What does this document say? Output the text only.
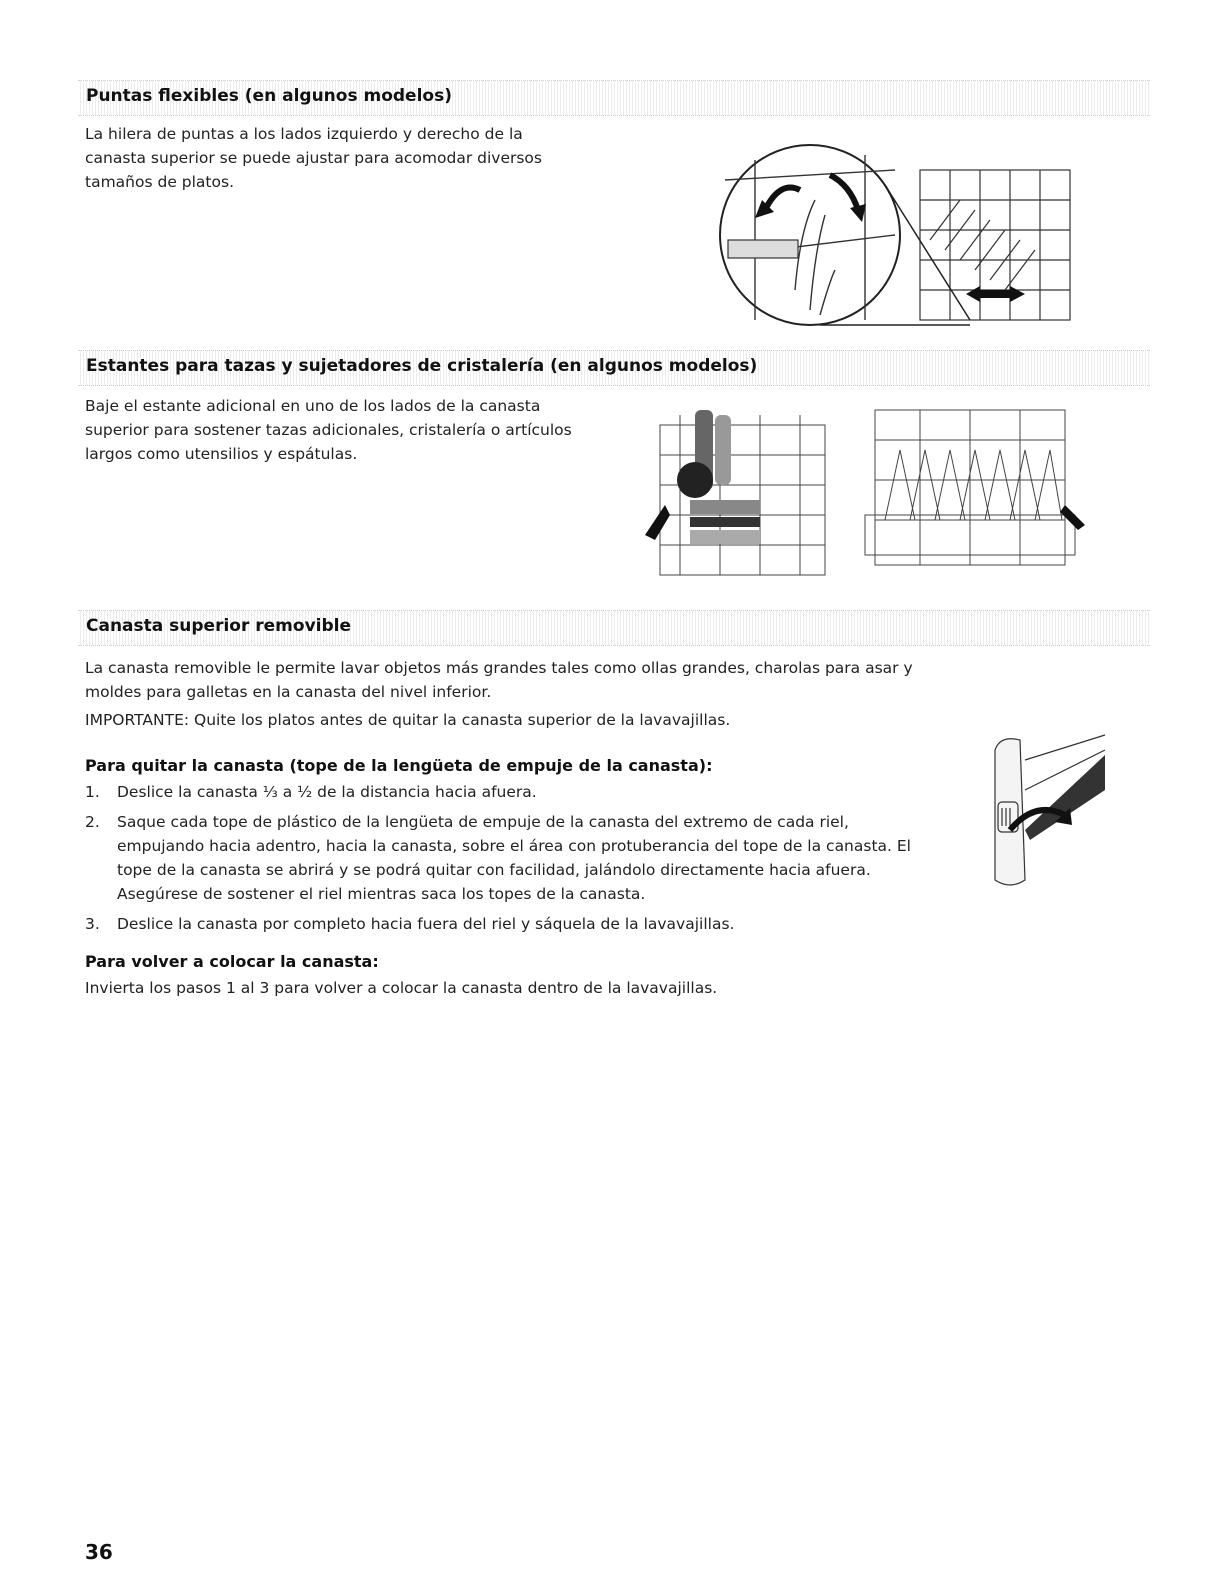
Puntas flexibles (en algunos modelos)

La hilera de puntas a los lados izquierdo y derecho de la canasta superior se puede ajustar para acomodar diversos tamaños de platos.

Estantes para tazas y sujetadores de cristalería (en algunos modelos)

Baje el estante adicional en uno de los lados de la canasta superior para sostener tazas adicionales, cristalería o artículos largos como utensilios y espátulas.

Canasta superior removible

La canasta removible le permite lavar objetos más grandes tales como ollas grandes, charolas para asar y moldes para galletas en la canasta del nivel inferior.

IMPORTANTE: Quite los platos antes de quitar la canasta superior de la lavavajillas.

Para quitar la canasta (tope de la lengüeta de empuje de la canasta):

1. Deslice la canasta ⅓ a ½ de la distancia hacia afuera.
2. Saque cada tope de plástico de la lengüeta de empuje de la canasta del extremo de cada riel, empujando hacia adentro, hacia la canasta, sobre el área con protuberancia del tope de la canasta. El tope de la canasta se abrirá y se podrá quitar con facilidad, jalándolo directamente hacia afuera. Asegúrese de sostener el riel mientras saca los topes de la canasta.
3. Deslice la canasta por completo hacia fuera del riel y sáquela de la lavavajillas.

Para volver a colocar la canasta:

Invierta los pasos 1 al 3 para volver a colocar la canasta dentro de la lavavajillas.

36
